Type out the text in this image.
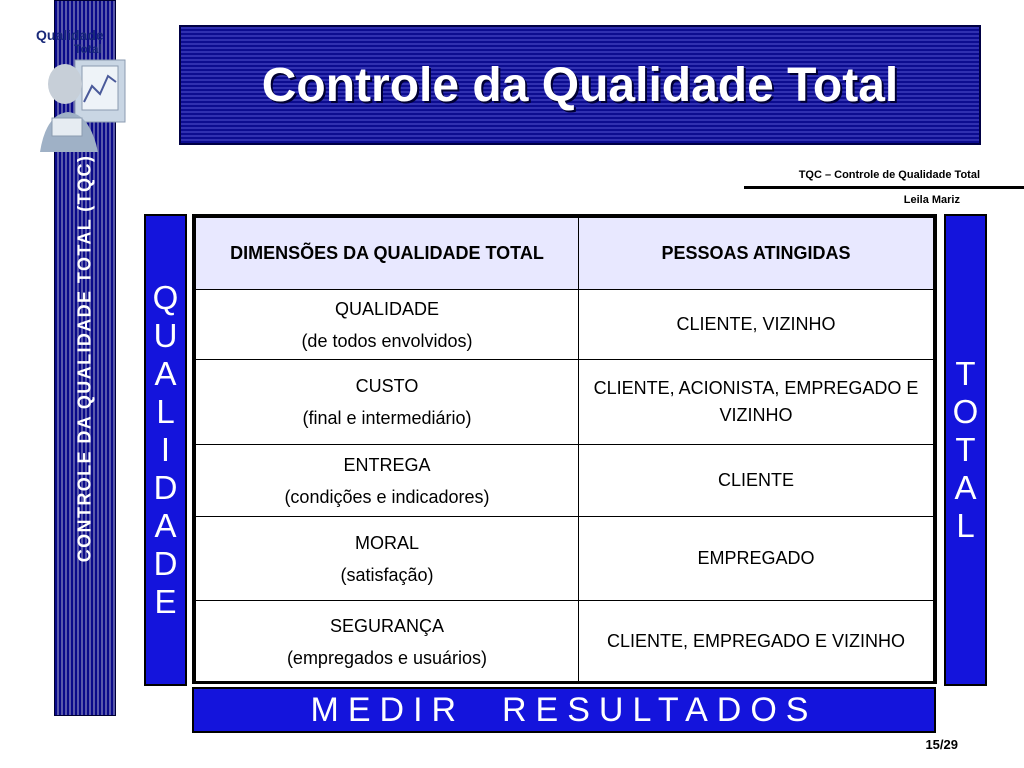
CONTROLE DA QUALIDADE TOTAL (TQC)
Qualidade
Total
Controle da Qualidade Total
TQC – Controle de Qualidade Total
Leila Mariz
Q
U
A
L
I
D
A
D
E
DIMENSÕES DA QUALIDADE TOTAL	PESSOAS ATINGIDAS

QUALIDADE
(de todos envolvidos)	CLIENTE, VIZINHO

CUSTO
(final e intermediário)	CLIENTE, ACIONISTA, EMPREGADO E VIZINHO

ENTREGA
(condições e indicadores)	CLIENTE

MORAL
(satisfação)	EMPREGADO

SEGURANÇA
(empregados e usuários)	CLIENTE, EMPREGADO E VIZINHO
T
O
T
A
L
MEDIR  RESULTADOS
15/29
